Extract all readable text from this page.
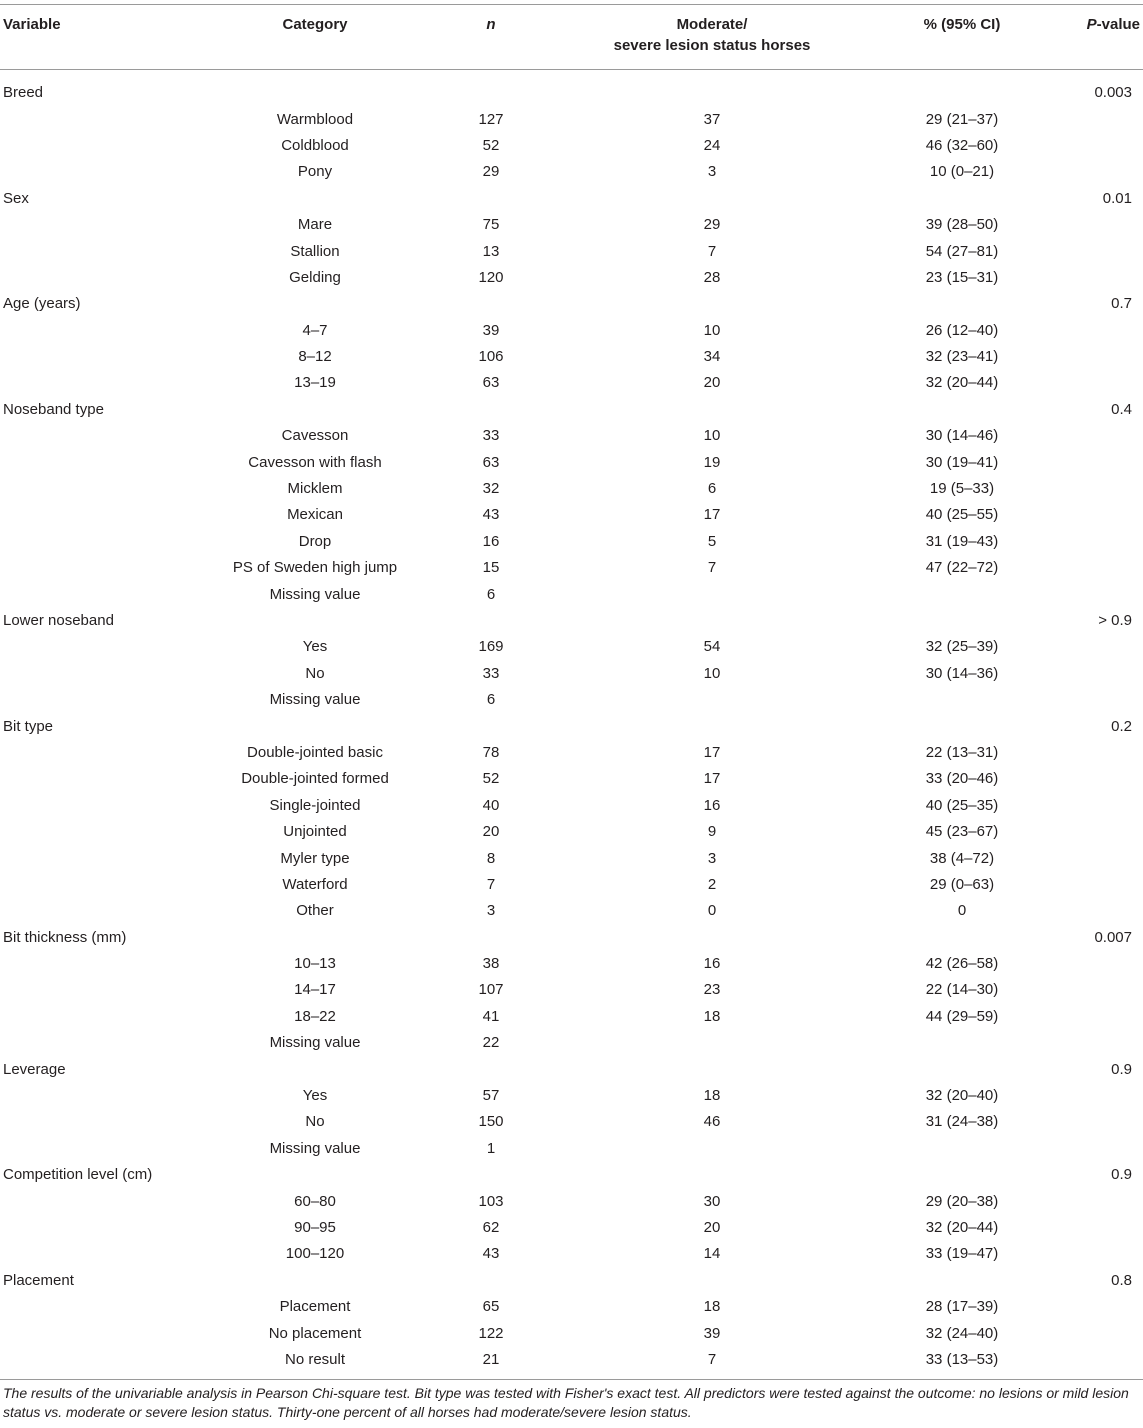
Variable	Category	n	Moderate/
severe lesion status horses	% (95% CI)	P-value
Breed					0.003
	Warmblood	127	37	29 (21–37)	
	Coldblood	52	24	46 (32–60)	
	Pony	29	3	10 (0–21)	
Sex					0.01
	Mare	75	29	39 (28–50)	
	Stallion	13	7	54 (27–81)	
	Gelding	120	28	23 (15–31)	
Age (years)					0.7
	4–7	39	10	26 (12–40)	
	8–12	106	34	32 (23–41)	
	13–19	63	20	32 (20–44)	
Noseband type					0.4
	Cavesson	33	10	30 (14–46)	
	Cavesson with flash	63	19	30 (19–41)	
	Micklem	32	6	19 (5–33)	
	Mexican	43	17	40 (25–55)	
	Drop	16	5	31 (19–43)	
	PS of Sweden high jump	15	7	47 (22–72)	
	Missing value	6			
Lower noseband					> 0.9
	Yes	169	54	32 (25–39)	
	No	33	10	30 (14–36)	
	Missing value	6			
Bit type					0.2
	Double-jointed basic	78	17	22 (13–31)	
	Double-jointed formed	52	17	33 (20–46)	
	Single-jointed	40	16	40 (25–35)	
	Unjointed	20	9	45 (23–67)	
	Myler type	8	3	38 (4–72)	
	Waterford	7	2	29 (0–63)	
	Other	3	0	0	
Bit thickness (mm)					0.007
	10–13	38	16	42 (26–58)	
	14–17	107	23	22 (14–30)	
	18–22	41	18	44 (29–59)	
	Missing value	22			
Leverage					0.9
	Yes	57	18	32 (20–40)	
	No	150	46	31 (24–38)	
	Missing value	1			
Competition level (cm)					0.9
	60–80	103	30	29 (20–38)	
	90–95	62	20	32 (20–44)	
	100–120	43	14	33 (19–47)	
Placement					0.8
	Placement	65	18	28 (17–39)	
	No placement	122	39	32 (24–40)	
	No result	21	7	33 (13–53)	

The results of the univariable analysis in Pearson Chi-square test. Bit type was tested with Fisher's exact test. All predictors were tested against the outcome: no lesions or mild lesion status vs. moderate or severe lesion status. Thirty-one percent of all horses had moderate/severe lesion status.
